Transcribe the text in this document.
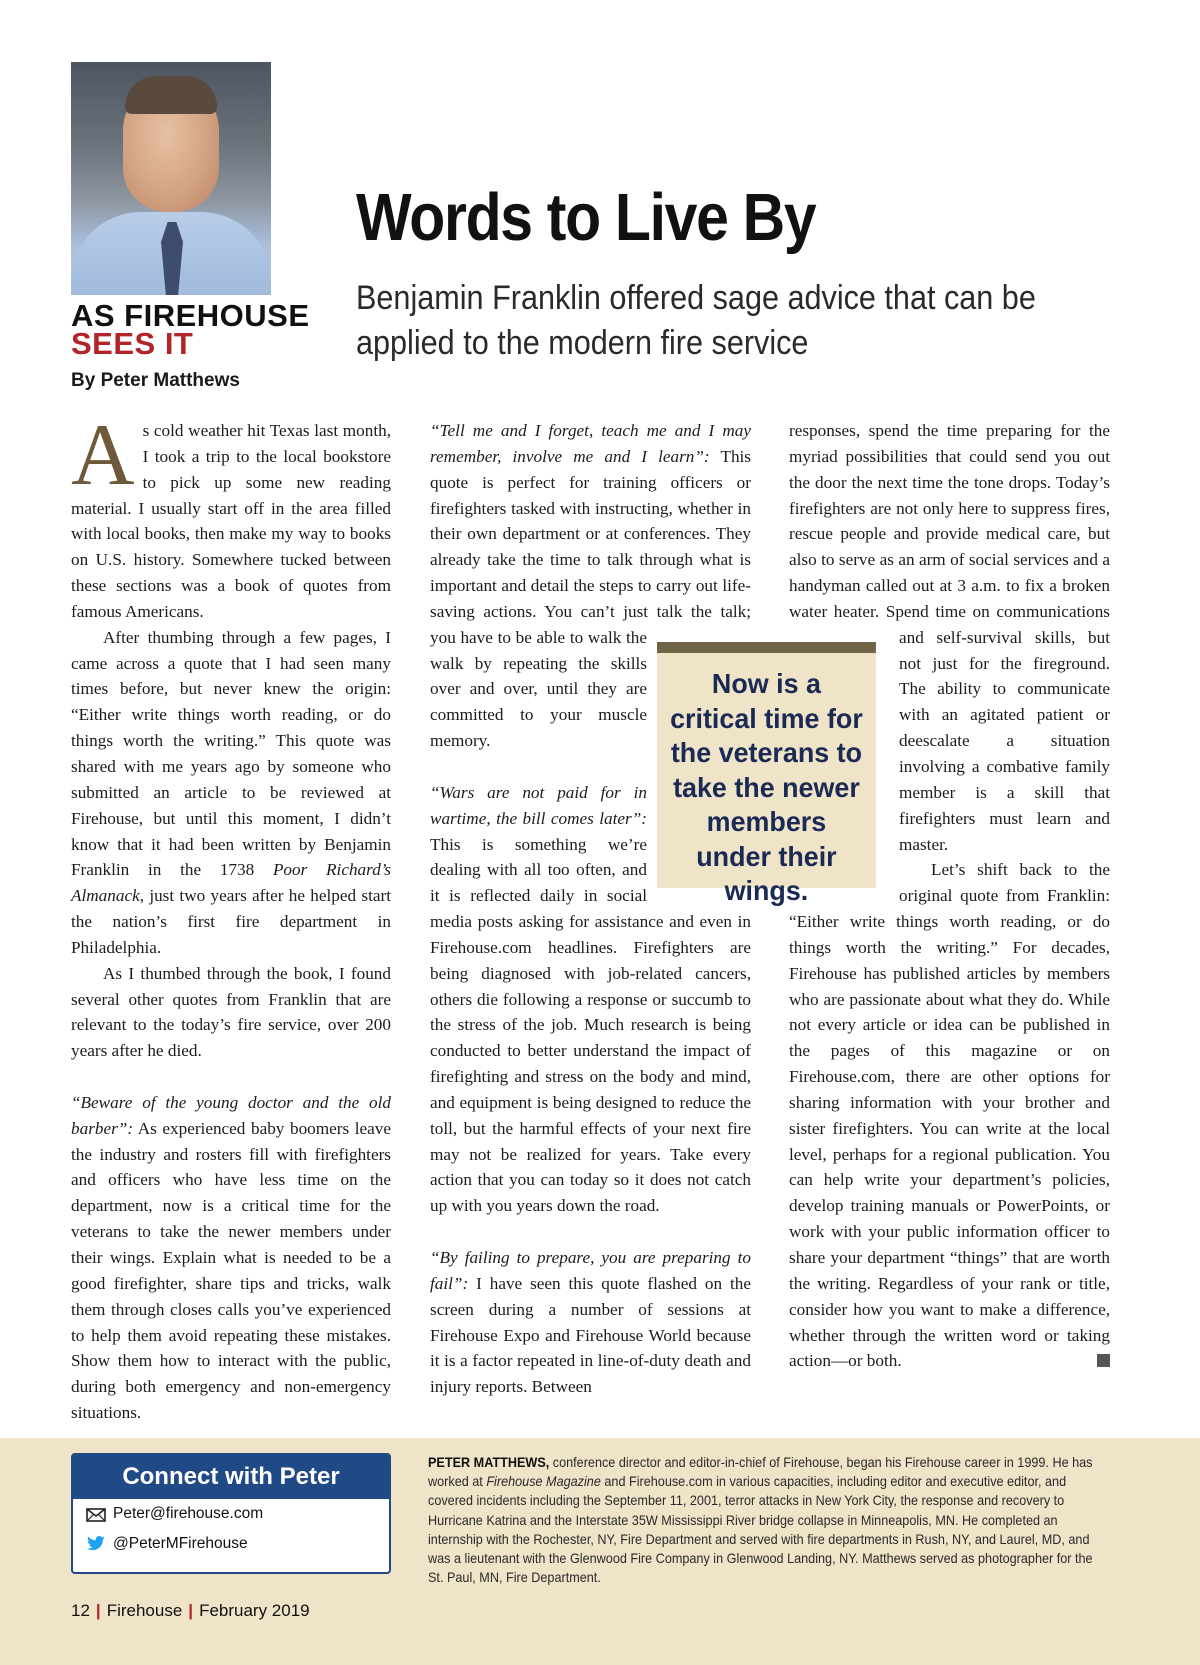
AS FIREHOUSE
SEES IT
By Peter Matthews
Words to Live By
Benjamin Franklin offered sage advice that can be applied to the modern fire service

As cold weather hit Texas last month, I took a trip to the local bookstore to pick up some new reading material. I usually start off in the area filled with local books, then make my way to books on U.S. history. Somewhere tucked between these sections was a book of quotes from famous Americans.

After thumbing through a few pages, I came across a quote that I had seen many times before, but never knew the origin: “Either write things worth reading, or do things worth the writing.” This quote was shared with me years ago by someone who submitted an article to be reviewed at Firehouse, but until this moment, I didn’t know that it had been written by Benjamin Franklin in the 1738 Poor Richard’s Almanack, just two years after he helped start the nation’s first fire department in Philadelphia.

As I thumbed through the book, I found several other quotes from Franklin that are relevant to the today’s fire service, over 200 years after he died.

“Beware of the young doctor and the old barber”: As experienced baby boomers leave the industry and rosters fill with firefighters and officers who have less time on the department, now is a critical time for the veterans to take the newer members under their wings. Explain what is needed to be a good firefighter, share tips and tricks, walk them through closes calls you’ve experienced to help them avoid repeating these mistakes. Show them how to interact with the public, during both emergency and non-emergency situations.

“Tell me and I forget, teach me and I may remember, involve me and I learn”: This quote is perfect for training officers or firefighters tasked with instructing, whether in their own department or at conferences. They already take the time to talk through what is important and detail the steps to carry out life-saving actions. You can’t just talk the talk; you have to be able to walk the walk by repeating the skills over and over, until they are committed to your muscle memory.

“Wars are not paid for in wartime, the bill comes later”: This is something we’re dealing with all too often, and it is reflected daily in social media posts asking for assistance and even in Firehouse.com headlines. Firefighters are being diagnosed with job-related cancers, others die following a response or succumb to the stress of the job. Much research is being conducted to better understand the impact of firefighting and stress on the body and mind, and equipment is being designed to reduce the toll, but the harmful effects of your next fire may not be realized for years. Take every action that you can today so it does not catch up with you years down the road.

“By failing to prepare, you are preparing to fail”: I have seen this quote flashed on the screen during a number of sessions at Firehouse Expo and Firehouse World because it is a factor repeated in line-of-duty death and injury reports. Between

responses, spend the time preparing for the myriad possibilities that could send you out the door the next time the tone drops. Today’s firefighters are not only here to suppress fires, rescue people and provide medical care, but also to serve as an arm of social services and a handyman called out at 3 a.m. to fix a broken water heater. Spend time on communications and self-survival skills, but not just for the fireground. The ability to communicate with an agitated patient or deescalate a situation involving a combative family member is a skill that firefighters must learn and master.

Let’s shift back to the original quote from Franklin: “Either write things worth reading, or do things worth the writing.” For decades, Firehouse has published articles by members who are passionate about what they do. While not every article or idea can be published in the pages of this magazine or on Firehouse.com, there are other options for sharing information with your brother and sister firefighters. You can write at the local level, perhaps for a regional publication. You can help write your department’s policies, develop training manuals or PowerPoints, or work with your public information officer to share your department “things” that are worth the writing. Regardless of your rank or title, consider how you want to make a difference, whether through the written word or taking action—or both.

Now is a critical time for the veterans to take the newer members under their wings.
Connect with Peter
Peter@firehouse.com
@PeterMFirehouse
PETER MATTHEWS, conference director and editor-in-chief of Firehouse, began his Firehouse career in 1999. He has worked at Firehouse Magazine and Firehouse.com in various capacities, including editor and executive editor, and covered incidents including the September 11, 2001, terror attacks in New York City, the response and recovery to Hurricane Katrina and the Interstate 35W Mississippi River bridge collapse in Minneapolis, MN. He completed an internship with the Rochester, NY, Fire Department and served with fire departments in Rush, NY, and Laurel, MD, and was a lieutenant with the Glenwood Fire Company in Glenwood Landing, NY. Matthews served as photographer for the St. Paul, MN, Fire Department.
12 | Firehouse | February 2019
